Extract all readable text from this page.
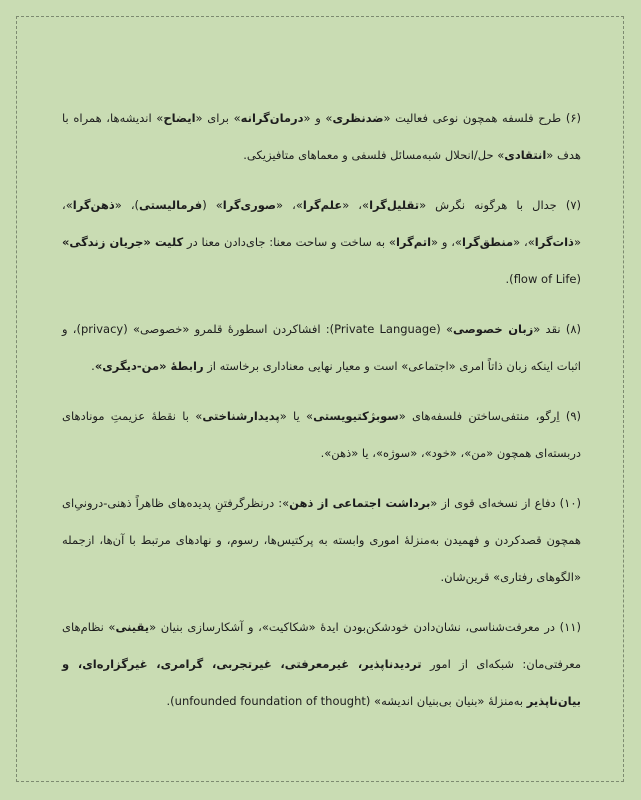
(۶) طرح فلسفه همچون نوعی فعالیت «ضدنظری» و «درمان‌گرانه» برای «ایضاح» اندیشه‌ها، همراه با هدف «انتقادی» حل/انحلال شبه‌مسائل فلسفی و معماهای متافیزیکی.

(۷) جدال با هرگونه نگرش «تقلیل‌گرا»، «علم‌گرا»، «صوری‌گرا» (فرمالیستی)، «ذهن‌گرا»، «ذات‌گرا»، «منطق‌گرا»، و «اتم‌گرا» به ساخت و ساحت معنا: جای‌دادن معنا در کلیت «جریان زندگی» (flow of Life).

(۸) نقد «زبان خصوصی» (Private Language): افشاکردن اسطورهٔ قلمرو «خصوصی» (privacy)، و اثبات اینکه زبان ذاتاً امری «اجتماعی» است و معیار نهایی معناداری برخاسته از رابطهٔ «من-دیگری».

(۹) اِرگو، منتفی‌ساختن فلسفه‌های «سوبژکتیویستی» یا «پدیدارشناختی» با نقطهٔ عزیمتِ موناد‌های دربسته‌ای همچون «من»، «خود»، «سوژه»، یا «ذهن».

(۱۰) دفاع از نسخه‌ای قوی از «برداشت اجتماعی از ذهن»: درنظرگرفتنِ پدیده‌های ظاهراً ذهنی-درونیِ‌ای همچون قصدکردن و فهمیدن به‌منزلهٔ اموری وابسته به پرکتیس‌ها، رسوم، و نهادهای مرتبط با آن‌ها، ازجمله «الگوهای رفتاری» قرین‌شان.

(۱۱) در معرفت‌شناسی، نشان‌دادن خودشکن‌بودن ایدهٔ «شکاکیت»، و آشکارسازی بنیان «یقینی» نظام‌های معرفتی‌مان: شبکه‌ای از امور تردیدناپذیر، غیرمعرفتی، غیرتجربی، گرامری، غیرگزاره‌ای، و بیان‌ناپذیر به‌منزلهٔ «بنیان بی‌بنیان اندیشه» (unfounded foundation of thought).
